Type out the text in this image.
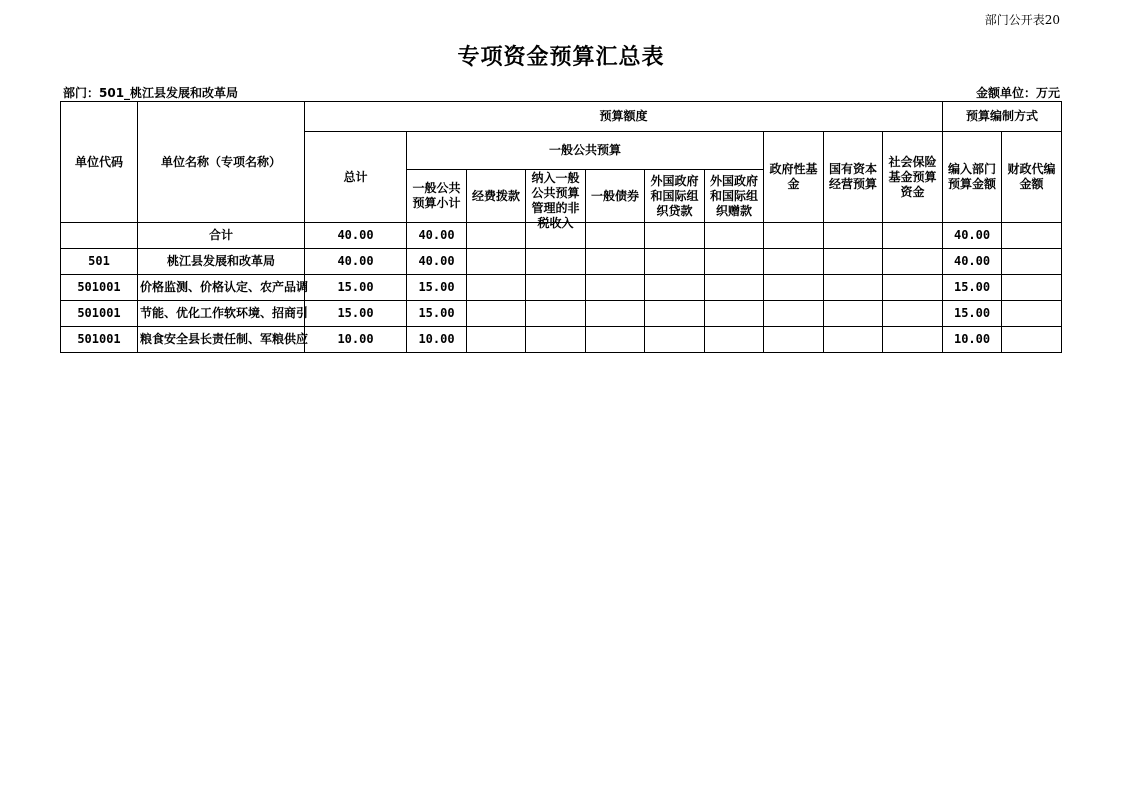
部门公开表20
专项资金预算汇总表
部门：501_桃江县发展和改革局	金额单位：万元
单位代码	单位名称（专项名称）	预算额度										预算编制方式	
		总计	一般公共预算						政府性基金	国有资本经营预算	社会保险基金预算资金	编入部门预算金额	财政代编金额
			一般公共预算小计	经费拨款	纳入一般公共预算管理的非税收入	一般债券	外国政府和国际组织贷款	外国政府和国际组织赠款					
	合计	40.00	40.00									40.00	
501	桃江县发展和改革局	40.00	40.00									40.00	
501001	价格监测、价格认定、农产品调	15.00	15.00									15.00	
501001	节能、优化工作软环境、招商引	15.00	15.00									15.00	
501001	粮食安全县长责任制、军粮供应	10.00	10.00									10.00	
